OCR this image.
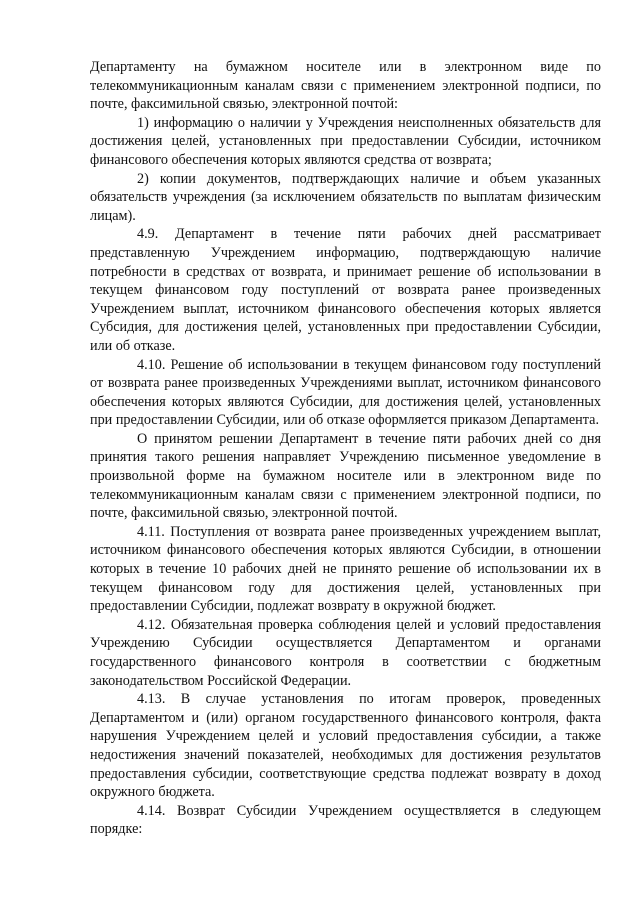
Департаменту на бумажном носителе или в электронном виде по телекоммуникационным каналам связи с применением электронной подписи, по почте, факсимильной связью, электронной почтой:

1) информацию о наличии у Учреждения неисполненных обязательств для достижения целей, установленных при предоставлении Субсидии, источником финансового обеспечения которых являются средства от возврата;

2) копии документов, подтверждающих наличие и объем указанных обязательств учреждения (за исключением обязательств по выплатам физическим лицам).

4.9. Департамент в течение пяти рабочих дней рассматривает представленную Учреждением информацию, подтверждающую наличие потребности в средствах от возврата, и принимает решение об использовании в текущем финансовом году поступлений от возврата ранее произведенных Учреждением выплат, источником финансового обеспечения которых является Субсидия, для достижения целей, установленных при предоставлении Субсидии, или об отказе.

4.10. Решение об использовании в текущем финансовом году поступлений от возврата ранее произведенных Учреждениями выплат, источником финансового обеспечения которых являются Субсидии, для достижения целей, установленных при предоставлении Субсидии, или об отказе оформляется приказом Департамента.

О принятом решении Департамент в течение пяти рабочих дней со дня принятия такого решения направляет Учреждению письменное уведомление в произвольной форме на бумажном носителе или в электронном виде по телекоммуникационным каналам связи с применением электронной подписи, по почте, факсимильной связью, электронной почтой.

4.11. Поступления от возврата ранее произведенных учреждением выплат, источником финансового обеспечения которых являются Субсидии, в отношении которых в течение 10 рабочих дней не принято решение об использовании их в текущем финансовом году для достижения целей, установленных при предоставлении Субсидии, подлежат возврату в окружной бюджет.

4.12. Обязательная проверка соблюдения целей и условий предоставления Учреждению Субсидии осуществляется Департаментом и органами государственного финансового контроля в соответствии с бюджетным законодательством Российской Федерации.

4.13. В случае установления по итогам проверок, проведенных Департаментом и (или) органом государственного финансового контроля, факта нарушения Учреждением целей и условий предоставления субсидии, а также недостижения значений показателей, необходимых для достижения результатов предоставления субсидии, соответствующие средства подлежат возврату в доход окружного бюджета.

4.14. Возврат Субсидии Учреждением осуществляется в следующем порядке:
